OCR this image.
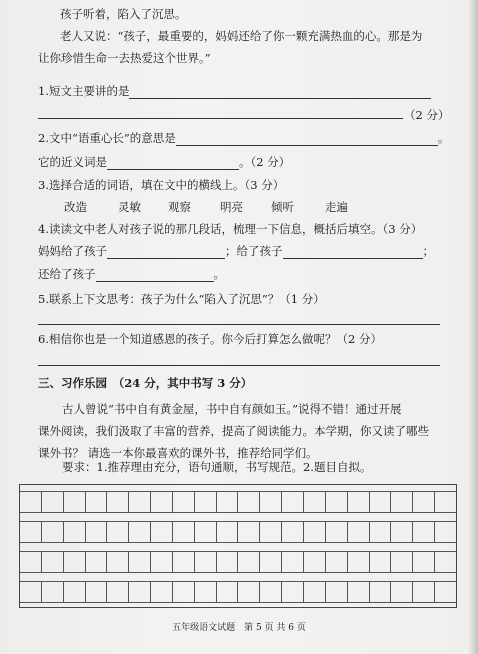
孩子听着，陷入了沉思。
老人又说：“孩子，最重要的，妈妈还给了你一颗充满热血的心。那是为
让你珍惜生命一去热爱这个世界。”
1.短文主要讲的是
（2 分）
2.文中“语重心长”的意思是	。
它的近义词是	。（2 分）
3.选择合适的词语，填在文中的横线上。（3 分）
改造	灵敏 观察	明亮 倾听	走遍
4.读读文中老人对孩子说的那几段话，梳理一下信息，概括后填空。（3 分）
妈妈给了孩子	；给了孩子	；
还给了孩子	。
5.联系上下文思考：孩子为什么“陷入了沉思”？（1 分）
6.相信你也是一个知道感恩的孩子。你今后打算怎么做呢？（2 分）
三、习作乐园　（24 分，其中书写 3 分）
古人曾说“书中自有黄金屋，书中自有颜如玉。”说得不错！通过开展
课外阅读，我们汲取了丰富的营养，提高了阅读能力。本学期，你又读了哪些
课外书？ 请选一本你最喜欢的课外书，推荐给同学们。
要求：1.推荐理由充分，语句通顺，书写规范。2.题目自拟。
五年级语文试题　第 5 页 共 6 页
